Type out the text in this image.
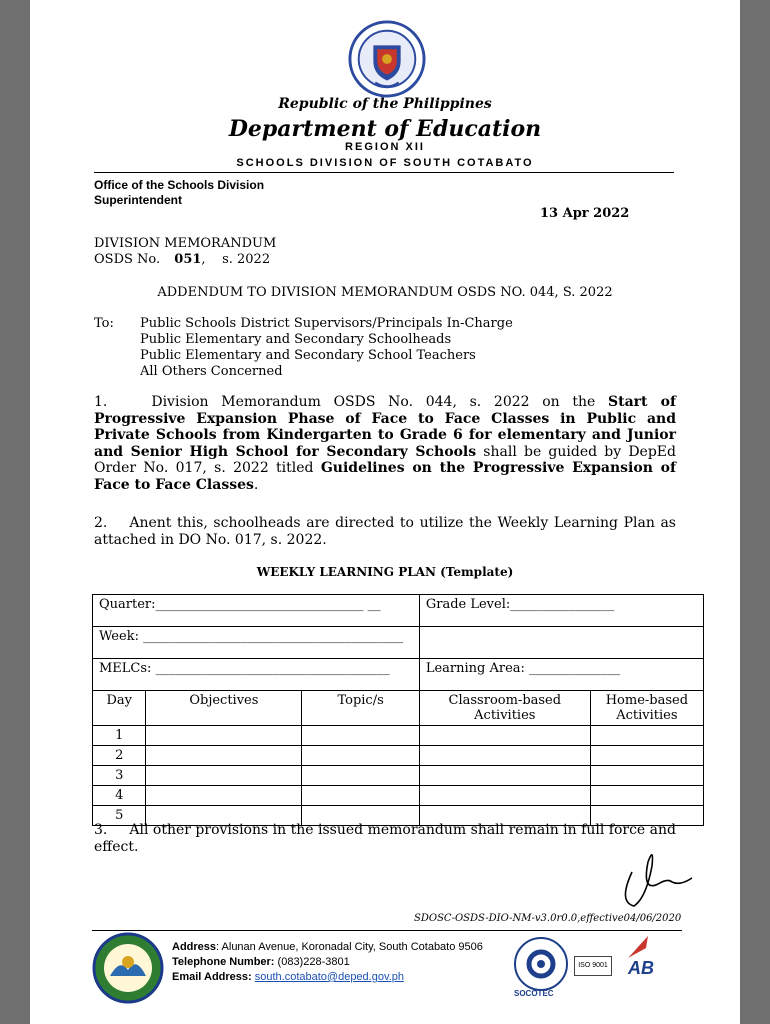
Republic of the Philippines
Department of Education
REGION XII
SCHOOLS DIVISION OF SOUTH COTABATO
Office of the Schools Division
Superintendent
13 Apr 2022
DIVISION MEMORANDUM
OSDS No. 051,    s. 2022
ADDENDUM TO DIVISION MEMORANDUM OSDS NO. 044, S. 2022
To: Public Schools District Supervisors/Principals In-Charge
Public Elementary and Secondary Schoolheads
Public Elementary and Secondary School Teachers
All Others Concerned
1.	Division Memorandum OSDS No. 044, s. 2022 on the Start of Progressive Expansion Phase of Face to Face Classes in Public and Private Schools from Kindergarten to Grade 6 for elementary and Junior and Senior High School for Secondary Schools shall be guided by DepEd Order No. 017, s. 2022 titled Guidelines on the Progressive Expansion of Face to Face Classes.
2. Anent this, schoolheads are directed to utilize the Weekly Learning Plan as attached in DO No. 017, s. 2022.
WEEKLY LEARNING PLAN (Template)
Quarter:________________________________ __			Grade Level:________________	
Week: ________________________________________				
MELCs: ____________________________________			Learning Area: ______________	
Day	Objectives	Topic/s	Classroom-based Activities	Home-based Activities
1				
2				
3				
4				
5				
3. All other provisions in the issued memorandum shall remain in full force and effect.
SDOSC-OSDS-DIO-NM-v3.0r0.0,effective04/06/2020
Address: Alunan Avenue, Koronadal City, South Cotabato 9506
Telephone Number: (083)228-3801
Email Address: south.cotabato@deped.gov.ph
SOCOTEC
ISO 9001 AB
